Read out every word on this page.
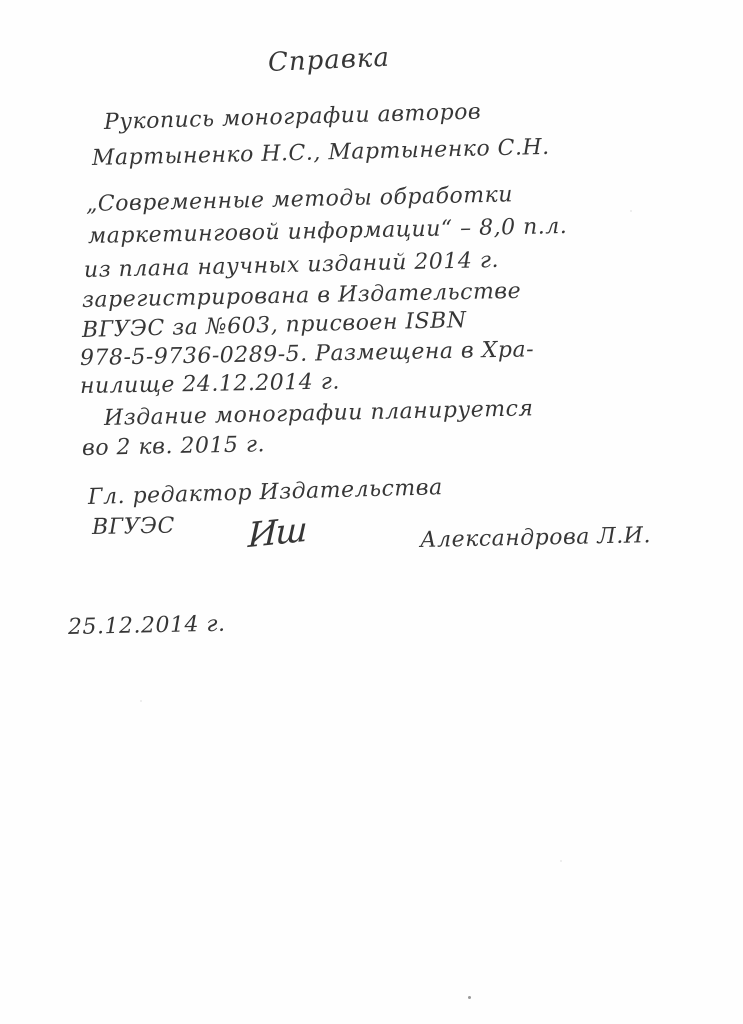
Справка
Рукопись монографии авторов
Мартыненко Н.С., Мартыненко С.Н.
„Современные методы обработки
маркетинговой информации“ – 8,0 п.л.
из плана научных изданий 2014 г.
зарегистрирована в Издательстве
ВГУЭС за №603, присвоен ISBN
978-5-9736-0289-5. Размещена в Хра-
нилище 24.12.2014 г.
Издание монографии планируется
во 2 кв. 2015 г.
Гл. редактор Издательства
ВГУЭС Иш	Александрова Л.И.
25.12.2014 г.
